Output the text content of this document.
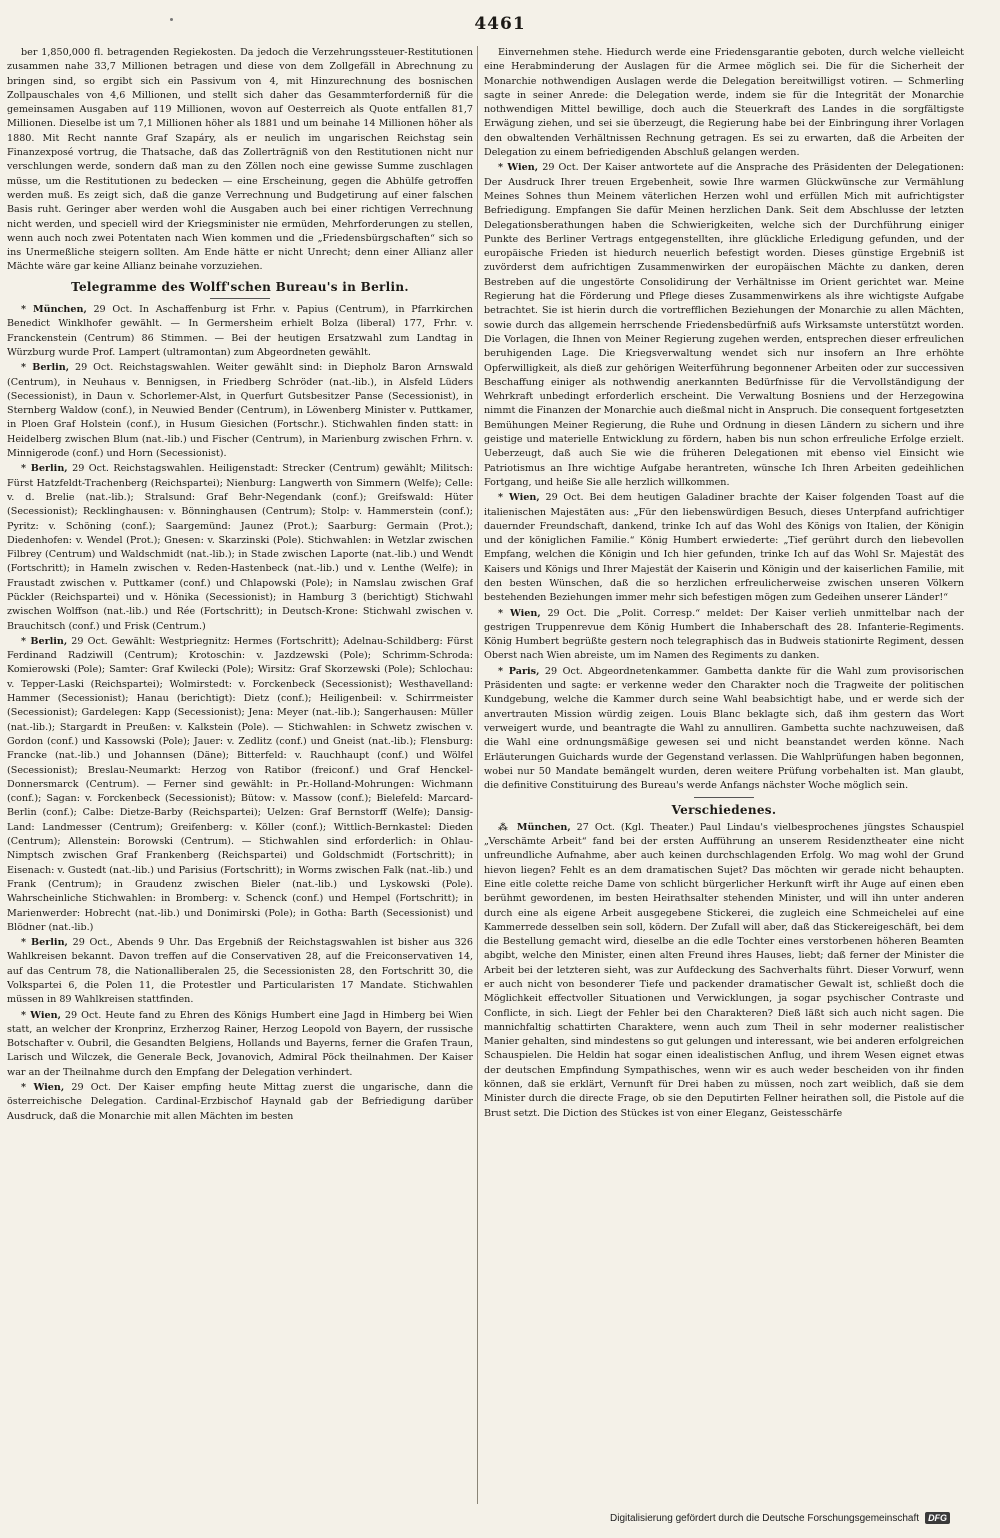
4461

ber 1,850,000 fl. betragenden Regiekosten. Da jedoch die Verzehrungssteuer-Restitutionen zusammen nahe 33,7 Millionen betragen und diese von dem Zollgefäll in Abrechnung zu bringen sind, so ergibt sich ein Passivum von 4, mit Hinzurechnung des bosnischen Zollpauschales von 4,6 Millionen, und stellt sich daher das Gesammterforderniß für die gemeinsamen Ausgaben auf 119 Millionen, wovon auf Oesterreich als Quote entfallen 81,7 Millionen. Dieselbe ist um 7,1 Millionen höher als 1881 und um beinahe 14 Millionen höher als 1880. Mit Recht nannte Graf Szapáry, als er neulich im ungarischen Reichstag sein Finanzexposé vortrug, die Thatsache, daß das Zollerträgniß von den Restitutionen nicht nur verschlungen werde, sondern daß man zu den Zöllen noch eine gewisse Summe zuschlagen müsse, um die Restitutionen zu bedecken — eine Erscheinung, gegen die Abhülfe getroffen werden muß. Es zeigt sich, daß die ganze Verrechnung und Budgetirung auf einer falschen Basis ruht. Geringer aber werden wohl die Ausgaben auch bei einer richtigen Verrechnung nicht werden, und speciell wird der Kriegsminister nie ermüden, Mehrforderungen zu stellen, wenn auch noch zwei Potentaten nach Wien kommen und die „Friedensbürgschaften“ sich so ins Unermeßliche steigern sollten. Am Ende hätte er nicht Unrecht; denn einer Allianz aller Mächte wäre gar keine Allianz beinahe vorzuziehen.

Telegramme des Wolff'schen Bureau's in Berlin.

* München, 29 Oct. In Aschaffenburg ist Frhr. v. Papius (Centrum), in Pfarrkirchen Benedict Winklhofer gewählt. — In Germersheim erhielt Bolza (liberal) 177, Frhr. v. Franckenstein (Centrum) 86 Stimmen. — Bei der heutigen Ersatzwahl zum Landtag in Würzburg wurde Prof. Lampert (ultramontan) zum Abgeordneten gewählt.

* Berlin, 29 Oct. Reichstagswahlen. Weiter gewählt sind: in Diepholz Baron Arnswald (Centrum), in Neuhaus v. Bennigsen, in Friedberg Schröder (nat.-lib.), in Alsfeld Lüders (Secessionist), in Daun v. Schorlemer-Alst, in Querfurt Gutsbesitzer Panse (Secessionist), in Sternberg Waldow (conf.), in Neuwied Bender (Centrum), in Löwenberg Minister v. Puttkamer, in Ploen Graf Holstein (conf.), in Husum Giesichen (Fortschr.). Stichwahlen finden statt: in Heidelberg zwischen Blum (nat.-lib.) und Fischer (Centrum), in Marienburg zwischen Frhrn. v. Minnigerode (conf.) und Horn (Secessionist).

* Berlin, 29 Oct. Reichstagswahlen. Heiligenstadt: Strecker (Centrum) gewählt; Militsch: Fürst Hatzfeldt-Trachenberg (Reichspartei); Nienburg: Langwerth von Simmern (Welfe); Celle: v. d. Brelie (nat.-lib.); Stralsund: Graf Behr-Negendank (conf.); Greifswald: Hüter (Secessionist); Recklinghausen: v. Bönninghausen (Centrum); Stolp: v. Hammerstein (conf.); Pyritz: v. Schöning (conf.); Saargemünd: Jaunez (Prot.); Saarburg: Germain (Prot.); Diedenhofen: v. Wendel (Prot.); Gnesen: v. Skarzinski (Pole). Stichwahlen: in Wetzlar zwischen Filbrey (Centrum) und Waldschmidt (nat.-lib.); in Stade zwischen Laporte (nat.-lib.) und Wendt (Fortschritt); in Hameln zwischen v. Reden-Hastenbeck (nat.-lib.) und v. Lenthe (Welfe); in Fraustadt zwischen v. Puttkamer (conf.) und Chlapowski (Pole); in Namslau zwischen Graf Pückler (Reichspartei) und v. Hönika (Secessionist); in Hamburg 3 (berichtigt) Stichwahl zwischen Wolffson (nat.-lib.) und Rée (Fortschritt); in Deutsch-Krone: Stichwahl zwischen v. Brauchitsch (conf.) und Frisk (Centrum.)

* Berlin, 29 Oct. Gewählt: Westpriegnitz: Hermes (Fortschritt); Adelnau-Schildberg: Fürst Ferdinand Radziwill (Centrum); Krotoschin: v. Jazdzewski (Pole); Schrimm-Schroda: Komierowski (Pole); Samter: Graf Kwilecki (Pole); Wirsitz: Graf Skorzewski (Pole); Schlochau: v. Tepper-Laski (Reichspartei); Wolmirstedt: v. Forckenbeck (Secessionist); Westhavelland: Hammer (Secessionist); Hanau (berichtigt): Dietz (conf.); Heiligenbeil: v. Schirrmeister (Secessionist); Gardelegen: Kapp (Secessionist); Jena: Meyer (nat.-lib.); Sangerhausen: Müller (nat.-lib.); Stargardt in Preußen: v. Kalkstein (Pole). — Stichwahlen: in Schwetz zwischen v. Gordon (conf.) und Kassowski (Pole); Jauer: v. Zedlitz (conf.) und Gneist (nat.-lib.); Flensburg: Francke (nat.-lib.) und Johannsen (Däne); Bitterfeld: v. Rauchhaupt (conf.) und Wölfel (Secessionist); Breslau-Neumarkt: Herzog von Ratibor (freiconf.) und Graf Henckel-Donnersmarck (Centrum). — Ferner sind gewählt: in Pr.-Holland-Mohrungen: Wichmann (conf.); Sagan: v. Forckenbeck (Secessionist); Bütow: v. Massow (conf.); Bielefeld: Marcard-Berlin (conf.); Calbe: Dietze-Barby (Reichspartei); Uelzen: Graf Bernstorff (Welfe); Dansig-Land: Landmesser (Centrum); Greifenberg: v. Köller (conf.); Wittlich-Bernkastel: Dieden (Centrum); Allenstein: Borowski (Centrum). — Stichwahlen sind erforderlich: in Ohlau-Nimptsch zwischen Graf Frankenberg (Reichspartei) und Goldschmidt (Fortschritt); in Eisenach: v. Gustedt (nat.-lib.) und Parisius (Fortschritt); in Worms zwischen Falk (nat.-lib.) und Frank (Centrum); in Graudenz zwischen Bieler (nat.-lib.) und Lyskowski (Pole). Wahrscheinliche Stichwahlen: in Bromberg: v. Schenck (conf.) und Hempel (Fortschritt); in Marienwerder: Hobrecht (nat.-lib.) und Donimirski (Pole); in Gotha: Barth (Secessionist) und Blödner (nat.-lib.)

* Berlin, 29 Oct., Abends 9 Uhr. Das Ergebniß der Reichstagswahlen ist bisher aus 326 Wahlkreisen bekannt. Davon treffen auf die Conservativen 28, auf die Freiconservativen 14, auf das Centrum 78, die Nationalliberalen 25, die Secessionisten 28, den Fortschritt 30, die Volkspartei 6, die Polen 11, die Protestler und Particularisten 17 Mandate. Stichwahlen müssen in 89 Wahlkreisen stattfinden.

* Wien, 29 Oct. Heute fand zu Ehren des Königs Humbert eine Jagd in Himberg bei Wien statt, an welcher der Kronprinz, Erzherzog Rainer, Herzog Leopold von Bayern, der russische Botschafter v. Oubril, die Gesandten Belgiens, Hollands und Bayerns, ferner die Grafen Traun, Larisch und Wilczek, die Generale Beck, Jovanovich, Admiral Pöck theilnahmen. Der Kaiser war an der Theilnahme durch den Empfang der Delegation verhindert.

* Wien, 29 Oct. Der Kaiser empfing heute Mittag zuerst die ungarische, dann die österreichische Delegation. Cardinal-Erzbischof Haynald gab der Befriedigung darüber Ausdruck, daß die Monarchie mit allen Mächten im besten

Einvernehmen stehe. Hiedurch werde eine Friedensgarantie geboten, durch welche vielleicht eine Herabminderung der Auslagen für die Armee möglich sei. Die für die Sicherheit der Monarchie nothwendigen Auslagen werde die Delegation bereitwilligst votiren. — Schmerling sagte in seiner Anrede: die Delegation werde, indem sie für die Integrität der Monarchie nothwendigen Mittel bewillige, doch auch die Steuerkraft des Landes in die sorgfältigste Erwägung ziehen, und sei sie überzeugt, die Regierung habe bei der Einbringung ihrer Vorlagen den obwaltenden Verhältnissen Rechnung getragen. Es sei zu erwarten, daß die Arbeiten der Delegation zu einem befriedigenden Abschluß gelangen werden.

* Wien, 29 Oct. Der Kaiser antwortete auf die Ansprache des Präsidenten der Delegationen: Der Ausdruck Ihrer treuen Ergebenheit, sowie Ihre warmen Glückwünsche zur Vermählung Meines Sohnes thun Meinem väterlichen Herzen wohl und erfüllen Mich mit aufrichtigster Befriedigung. Empfangen Sie dafür Meinen herzlichen Dank. Seit dem Abschlusse der letzten Delegationsberathungen haben die Schwierigkeiten, welche sich der Durchführung einiger Punkte des Berliner Vertrags entgegenstellten, ihre glückliche Erledigung gefunden, und der europäische Frieden ist hiedurch neuerlich befestigt worden. Dieses günstige Ergebniß ist zuvörderst dem aufrichtigen Zusammenwirken der europäischen Mächte zu danken, deren Bestreben auf die ungestörte Consolidirung der Verhältnisse im Orient gerichtet war. Meine Regierung hat die Förderung und Pflege dieses Zusammenwirkens als ihre wichtigste Aufgabe betrachtet. Sie ist hierin durch die vortrefflichen Beziehungen der Monarchie zu allen Mächten, sowie durch das allgemein herrschende Friedensbedürfniß aufs Wirksamste unterstützt worden. Die Vorlagen, die Ihnen von Meiner Regierung zugehen werden, entsprechen dieser erfreulichen beruhigenden Lage. Die Kriegsverwaltung wendet sich nur insofern an Ihre erhöhte Opferwilligkeit, als dieß zur gehörigen Weiterführung begonnener Arbeiten oder zur successiven Beschaffung einiger als nothwendig anerkannten Bedürfnisse für die Vervollständigung der Wehrkraft unbedingt erforderlich erscheint. Die Verwaltung Bosniens und der Herzegowina nimmt die Finanzen der Monarchie auch dießmal nicht in Anspruch. Die consequent fortgesetzten Bemühungen Meiner Regierung, die Ruhe und Ordnung in diesen Ländern zu sichern und ihre geistige und materielle Entwicklung zu fördern, haben bis nun schon erfreuliche Erfolge erzielt. Ueberzeugt, daß auch Sie wie die früheren Delegationen mit ebenso viel Einsicht wie Patriotismus an Ihre wichtige Aufgabe herantreten, wünsche Ich Ihren Arbeiten gedeihlichen Fortgang, und heiße Sie alle herzlich willkommen.

* Wien, 29 Oct. Bei dem heutigen Galadiner brachte der Kaiser folgenden Toast auf die italienischen Majestäten aus: „Für den liebenswürdigen Besuch, dieses Unterpfand aufrichtiger dauernder Freundschaft, dankend, trinke Ich auf das Wohl des Königs von Italien, der Königin und der königlichen Familie.“ König Humbert erwiederte: „Tief gerührt durch den liebevollen Empfang, welchen die Königin und Ich hier gefunden, trinke Ich auf das Wohl Sr. Majestät des Kaisers und Königs und Ihrer Majestät der Kaiserin und Königin und der kaiserlichen Familie, mit den besten Wünschen, daß die so herzlichen erfreulicherweise zwischen unseren Völkern bestehenden Beziehungen immer mehr sich befestigen mögen zum Gedeihen unserer Länder!“

* Wien, 29 Oct. Die „Polit. Corresp.“ meldet: Der Kaiser verlieh unmittelbar nach der gestrigen Truppenrevue dem König Humbert die Inhaberschaft des 28. Infanterie-Regiments. König Humbert begrüßte gestern noch telegraphisch das in Budweis stationirte Regiment, dessen Oberst nach Wien abreiste, um im Namen des Regiments zu danken.

* Paris, 29 Oct. Abgeordnetenkammer. Gambetta dankte für die Wahl zum provisorischen Präsidenten und sagte: er verkenne weder den Charakter noch die Tragweite der politischen Kundgebung, welche die Kammer durch seine Wahl beabsichtigt habe, und er werde sich der anvertrauten Mission würdig zeigen. Louis Blanc beklagte sich, daß ihm gestern das Wort verweigert wurde, und beantragte die Wahl zu annulliren. Gambetta suchte nachzuweisen, daß die Wahl eine ordnungsmäßige gewesen sei und nicht beanstandet werden könne. Nach Erläuterungen Guichards wurde der Gegenstand verlassen. Die Wahlprüfungen haben begonnen, wobei nur 50 Mandate bemängelt wurden, deren weitere Prüfung vorbehalten ist. Man glaubt, die definitive Constituirung des Bureau's werde Anfangs nächster Woche möglich sein.

Verschiedenes.

⁂ München, 27 Oct. (Kgl. Theater.) Paul Lindau's vielbesprochenes jüngstes Schauspiel „Verschämte Arbeit“ fand bei der ersten Aufführung an unserem Residenztheater eine nicht unfreundliche Aufnahme, aber auch keinen durchschlagenden Erfolg. Wo mag wohl der Grund hievon liegen? Fehlt es an dem dramatischen Sujet? Das möchten wir gerade nicht behaupten. Eine eitle colette reiche Dame von schlicht bürgerlicher Herkunft wirft ihr Auge auf einen eben berühmt gewordenen, im besten Heirathsalter stehenden Minister, und will ihn unter anderen durch eine als eigene Arbeit ausgegebene Stickerei, die zugleich eine Schmeichelei auf eine Kammerrede desselben sein soll, ködern. Der Zufall will aber, daß das Stickereigeschäft, bei dem die Bestellung gemacht wird, dieselbe an die edle Tochter eines verstorbenen höheren Beamten abgibt, welche den Minister, einen alten Freund ihres Hauses, liebt; daß ferner der Minister die Arbeit bei der letzteren sieht, was zur Aufdeckung des Sachverhalts führt. Dieser Vorwurf, wenn er auch nicht von besonderer Tiefe und packender dramatischer Gewalt ist, schließt doch die Möglichkeit effectvoller Situationen und Verwicklungen, ja sogar psychischer Contraste und Conflicte, in sich. Liegt der Fehler bei den Charakteren? Dieß läßt sich auch nicht sagen. Die mannichfaltig schattirten Charaktere, wenn auch zum Theil in sehr moderner realistischer Manier gehalten, sind mindestens so gut gelungen und interessant, wie bei anderen erfolgreichen Schauspielen. Die Heldin hat sogar einen idealistischen Anflug, und ihrem Wesen eignet etwas der deutschen Empfindung Sympathisches, wenn wir es auch weder bescheiden von ihr finden können, daß sie erklärt, Vernunft für Drei haben zu müssen, noch zart weiblich, daß sie dem Minister durch die directe Frage, ob sie den Deputirten Fellner heirathen soll, die Pistole auf die Brust setzt. Die Diction des Stückes ist von einer Eleganz, Geistesschärfe

Digitalisierung gefördert durch die Deutsche Forschungsgemeinschaft	DFG
